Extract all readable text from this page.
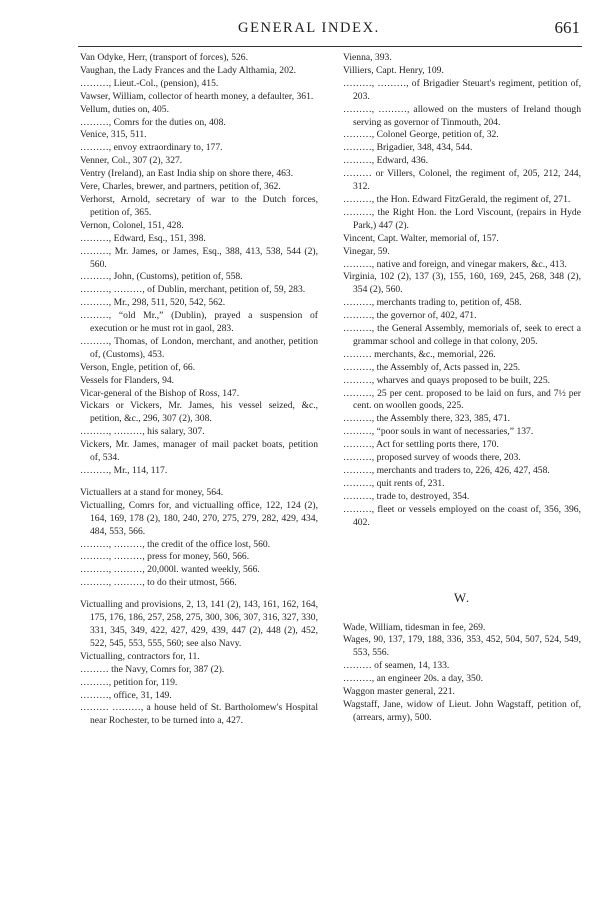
GENERAL INDEX.	661
Van Odyke, Herr, (transport of forces), 526.
Vaughan, the Lady Frances and the Lady Althamia, 202.
………, Lieut.-Col., (pension), 415.
Vawser, William, collector of hearth money, a defaulter, 361.
Vellum, duties on, 405.
………, Comrs for the duties on, 408.
Venice, 315, 511.
………, envoy extraordinary to, 177.
Venner, Col., 307 (2), 327.
Ventry (Ireland), an East India ship on shore there, 463.
Vere, Charles, brewer, and partners, petition of, 362.
Verhorst, Arnold, secretary of war to the Dutch forces, petition of, 365.
Vernon, Colonel, 151, 428.
………, Edward, Esq., 151, 398.
………, Mr. James, or James, Esq., 388, 413, 538, 544 (2), 560.
………, John, (Customs), petition of, 558.
………, ………, of Dublin, merchant, petition of, 59, 283.
………, Mr., 298, 511, 520, 542, 562.
………, “old Mr.,” (Dublin), prayed a suspension of execution or he must rot in gaol, 283.
………, Thomas, of London, merchant, and another, petition of, (Customs), 453.
Verson, Engle, petition of, 66.
Vessels for Flanders, 94.
Vicar-general of the Bishop of Ross, 147.
Vickars or Vickers, Mr. James, his vessel seized, &c., petition, &c., 296, 307 (2), 308.
………, ………, his salary, 307.
Vickers, Mr. James, manager of mail packet boats, petition of, 534.
………, Mr., 114, 117.
Victuallers at a stand for money, 564.
Victualling, Comrs for, and victualling office, 122, 124 (2), 164, 169, 178 (2), 180, 240, 270, 275, 279, 282, 429, 434, 484, 553, 566.
………, ………, the credit of the office lost, 560.
………, ………, press for money, 560, 566.
………, ………, 20,000l. wanted weekly, 566.
………, ………, to do their utmost, 566.
Victualling and provisions, 2, 13, 141 (2), 143, 161, 162, 164, 175, 176, 186, 257, 258, 275, 300, 306, 307, 316, 327, 330, 331, 345, 349, 422, 427, 429, 439, 447 (2), 448 (2), 452, 522, 545, 553, 555, 560; see also Navy.
Victualling, contractors for, 11.
……… the Navy, Comrs for, 387 (2).
………, petition for, 119.
………, office, 31, 149.
……… ………, a house held of St. Bartholomew's Hospital near Rochester, to be turned into a, 427.
Vienna, 393.
Villiers, Capt. Henry, 109.
………, ………, of Brigadier Steuart's regiment, petition of, 203.
………, ………, allowed on the musters of Ireland though serving as governor of Tinmouth, 204.
………, Colonel George, petition of, 32.
………, Brigadier, 348, 434, 544.
………, Edward, 436.
……… or Villers, Colonel, the regiment of, 205, 212, 244, 312.
………, the Hon. Edward FitzGerald, the regiment of, 271.
………, the Right Hon. the Lord Viscount, (repairs in Hyde Park,) 447 (2).
Vincent, Capt. Walter, memorial of, 157.
Vinegar, 59.
………, native and foreign, and vinegar makers, &c., 413.
Virginia, 102 (2), 137 (3), 155, 160, 169, 245, 268, 348 (2), 354 (2), 560.
………, merchants trading to, petition of, 458.
………, the governor of, 402, 471.
………, the General Assembly, memorials of, seek to erect a grammar school and college in that colony, 205.
……… merchants, &c., memorial, 226.
………, the Assembly of, Acts passed in, 225.
………, wharves and quays proposed to be built, 225.
………, 25 per cent. proposed to be laid on furs, and 7½ per cent. on woollen goods, 225.
………, the Assembly there, 323, 385, 471.
………, “poor souls in want of necessaries,” 137.
………, Act for settling ports there, 170.
………, proposed survey of woods there, 203.
………, merchants and traders to, 226, 426, 427, 458.
………, quit rents of, 231.
………, trade to, destroyed, 354.
………, fleet or vessels employed on the coast of, 356, 396, 402.
W.
Wade, William, tidesman in fee, 269.
Wages, 90, 137, 179, 188, 336, 353, 452, 504, 507, 524, 549, 553, 556.
……… of seamen, 14, 133.
………, an engineer 20s. a day, 350.
Waggon master general, 221.
Wagstaff, Jane, widow of Lieut. John Wagstaff, petition of, (arrears, army), 500.
